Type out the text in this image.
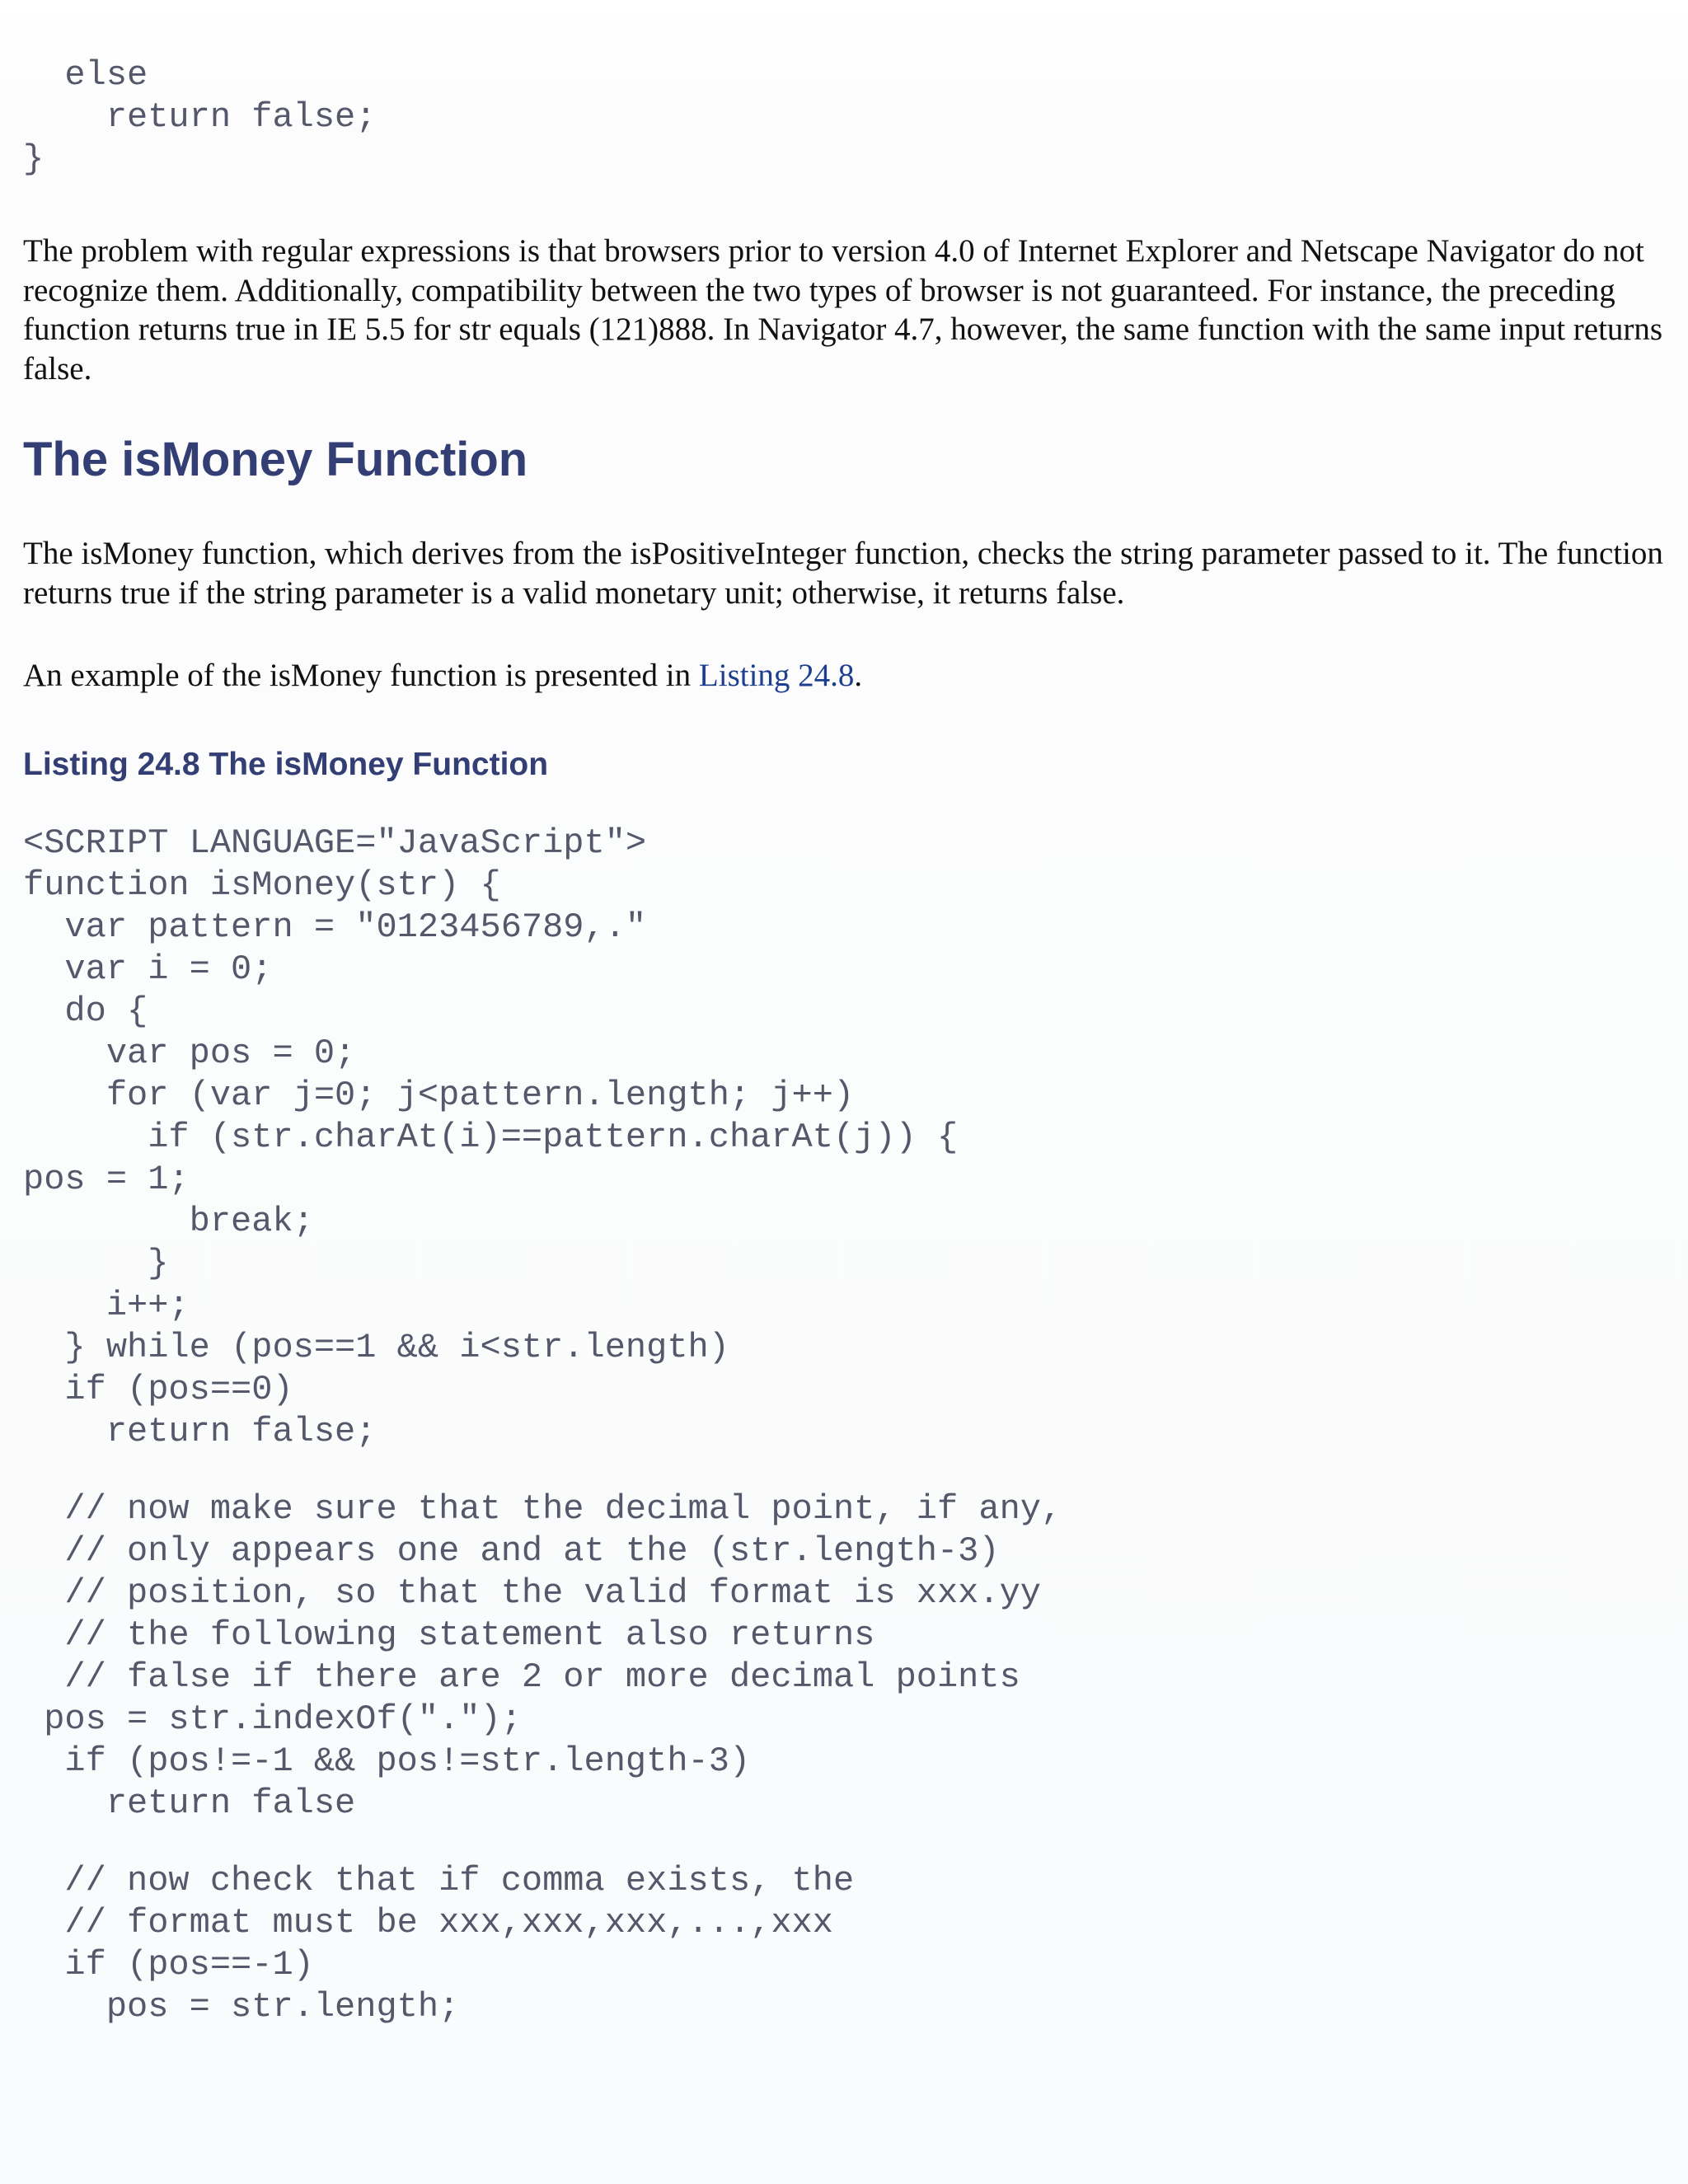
else
return false;
}

The problem with regular expressions is that browsers prior to version 4.0 of Internet Explorer and Netscape Navigator do not recognize them. Additionally, compatibility between the two types of browser is not guaranteed. For instance, the preceding function returns true in IE 5.5 for str equals (121)888. In Navigator 4.7, however, the same function with the same input returns false.

The isMoney Function

The isMoney function, which derives from the isPositiveInteger function, checks the string parameter passed to it. The function returns true if the string parameter is a valid monetary unit; otherwise, it returns false.

An example of the isMoney function is presented in Listing 24.8.

Listing 24.8 The isMoney Function
<SCRIPT LANGUAGE="JavaScript">
function isMoney(str) {
var pattern = "0123456789,."
var i = 0;
do {
var pos = 0;
for (var j=0; j<pattern.length; j++)
if (str.charAt(i)==pattern.charAt(j)) {
pos = 1;
break;
}
i++;
} while (pos==1 && i<str.length)
if (pos==0)
return false;
// now make sure that the decimal point, if any,
// only appears one and at the (str.length-3)
// position, so that the valid format is xxx.yy
// the following statement also returns
// false if there are 2 or more decimal points
pos = str.indexOf(".");
if (pos!=-1 && pos!=str.length-3)
return false
// now check that if comma exists, the
// format must be xxx,xxx,xxx,...,xxx
if (pos==-1)
pos = str.length;
